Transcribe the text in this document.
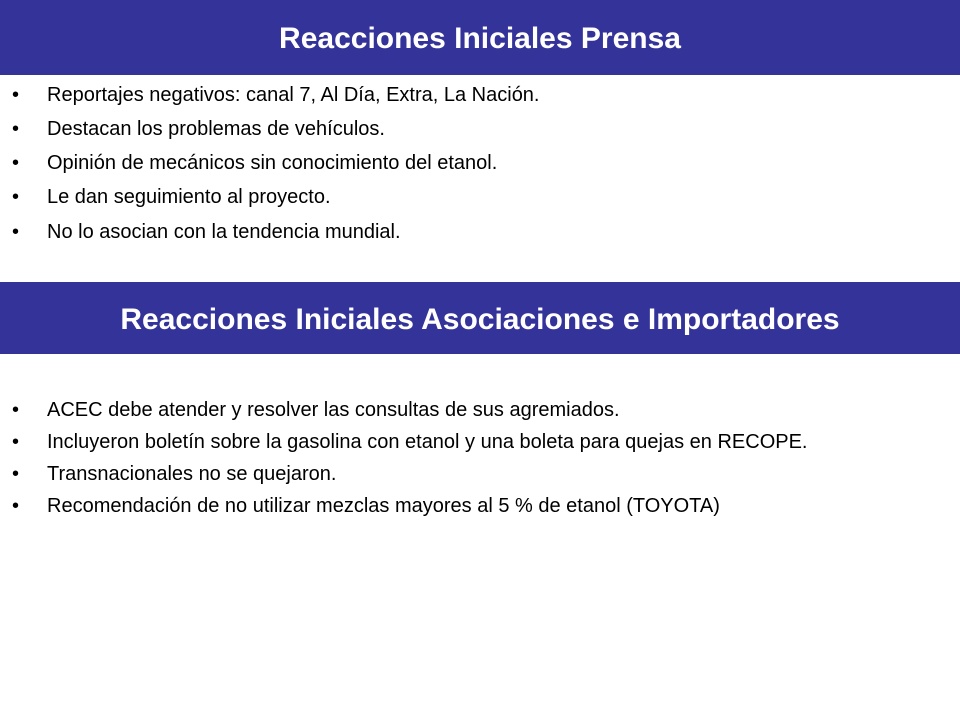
Reacciones Iniciales Prensa
• Reportajes negativos: canal 7, Al Día, Extra, La Nación.
• Destacan los problemas de vehículos.
• Opinión de mecánicos sin conocimiento del etanol.
• Le dan seguimiento al proyecto.
• No lo asocian con la tendencia mundial.
Reacciones Iniciales Asociaciones e Importadores
• ACEC debe atender y resolver las consultas de sus agremiados.
• Incluyeron boletín sobre la gasolina con etanol y una boleta para quejas en RECOPE.
• Transnacionales no se quejaron.
• Recomendación de no utilizar mezclas mayores al 5 % de etanol (TOYOTA)
